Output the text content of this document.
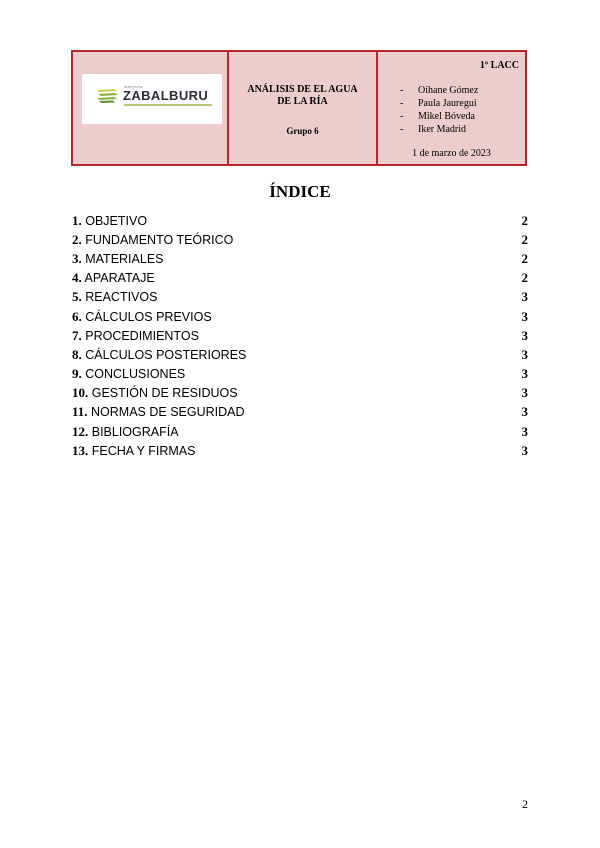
INSTITUTO
ZABALBURU	ANÁLISIS DE EL AGUA
DE LA RÍA
Grupo 6
1º LACC
- Oihane Gómez
- Paula Jauregui
- Mikel Bóveda
- Iker Madrid
1 de marzo de 2023
ÍNDICE
1. OBJETIVO	2
2. FUNDAMENTO TEÓRICO	2
3. MATERIALES	2
4. APARATAJE	2
5. REACTIVOS	3
6. CÁLCULOS PREVIOS	3
7. PROCEDIMIENTOS	3
8. CÁLCULOS POSTERIORES	3
9. CONCLUSIONES	3
10. GESTIÓN DE RESIDUOS	3
11. NORMAS DE SEGURIDAD	3
12. BIBLIOGRAFÍA	3
13. FECHA Y FIRMAS	3
2
